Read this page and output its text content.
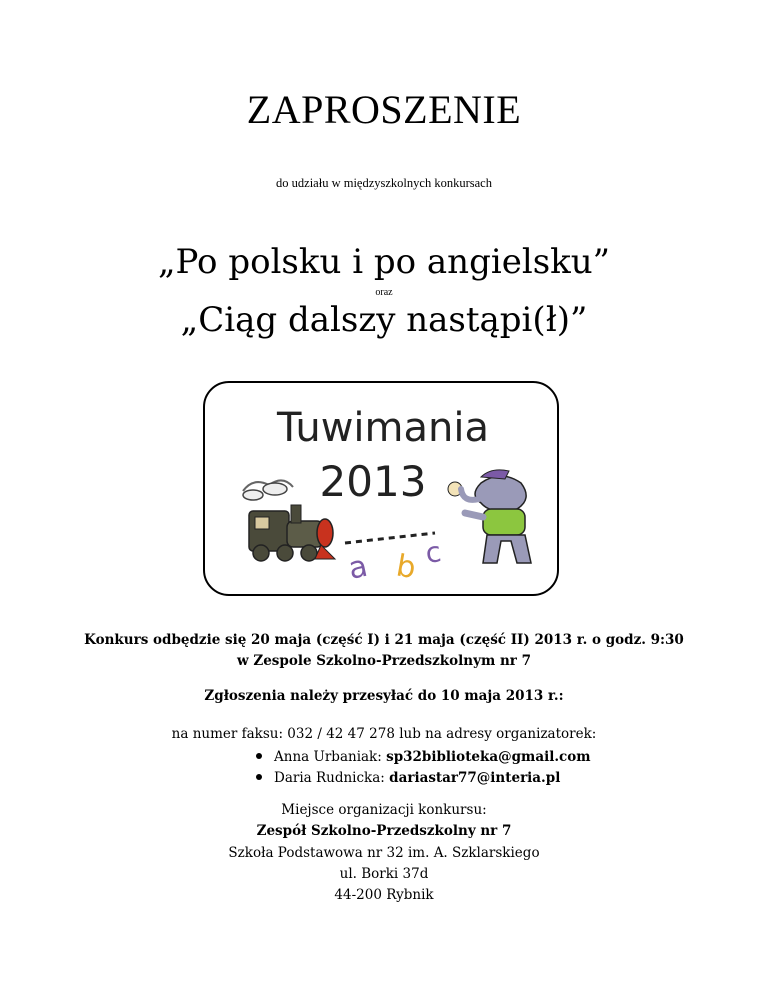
ZAPROSZENIE
do udziału w międzyszkolnych konkursach
„Po polsku i po angielsku”
oraz
„Ciąg dalszy nastąpi(ł)”
Tuwimania
2013
a b c
Konkurs odbędzie się 20 maja (część I) i 21 maja (część II) 2013 r. o godz. 9:30
w Zespole Szkolno-Przedszkolnym nr 7
Zgłoszenia należy przesyłać do 10 maja 2013 r.:
na numer faksu: 032 / 42 47 278 lub na adresy organizatorek:
Anna Urbaniak: sp32biblioteka@gmail.com
Daria Rudnicka: dariastar77@interia.pl
Miejsce organizacji konkursu:
Zespół Szkolno-Przedszkolny nr 7
Szkoła Podstawowa nr 32 im. A. Szklarskiego
ul. Borki 37d
44-200 Rybnik
